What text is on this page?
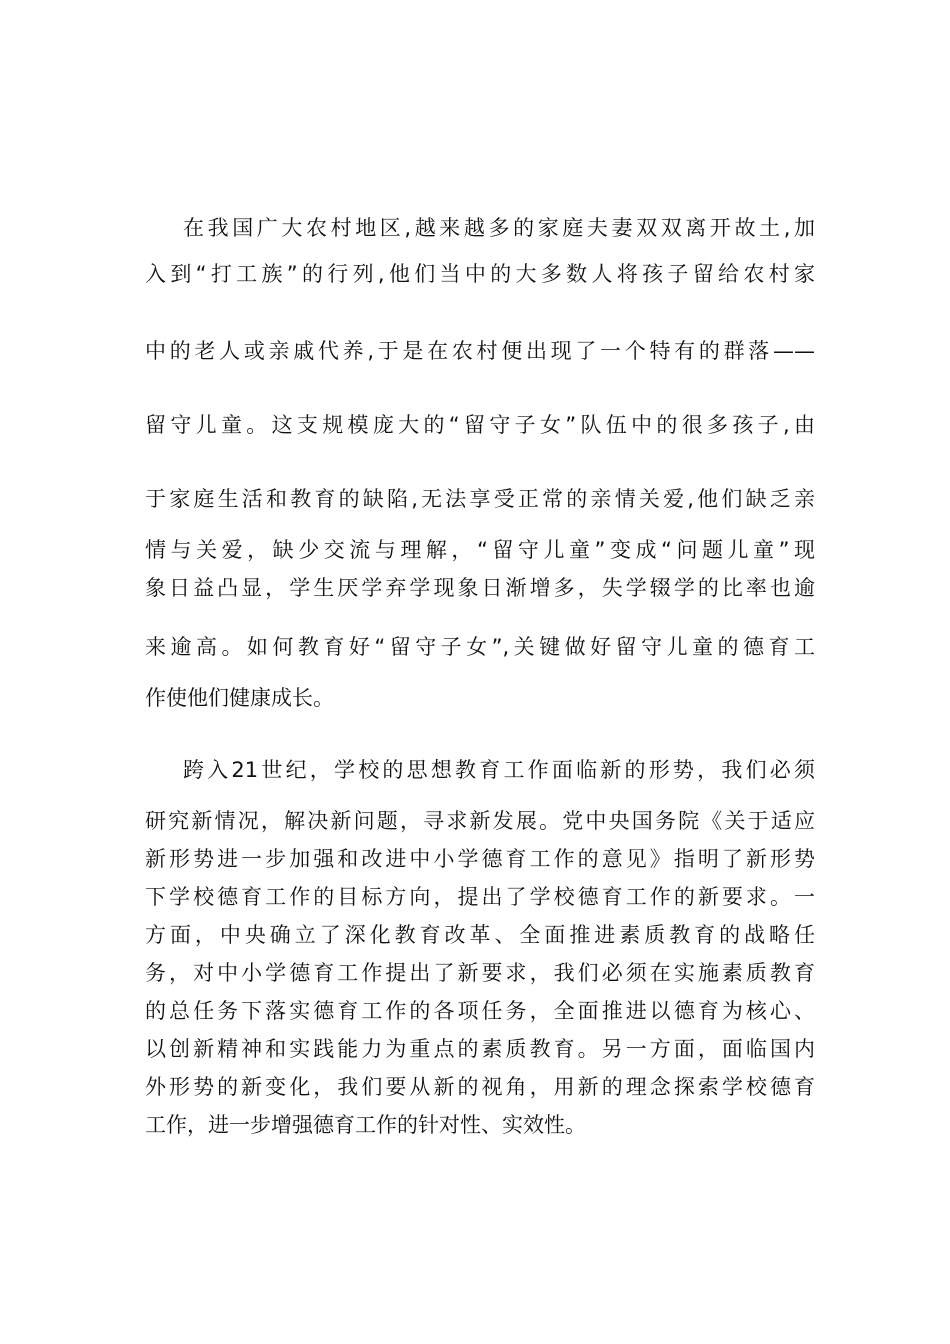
在我国广大农村地区,越来越多的家庭夫妻双双离开故土,加
入到“打工族”的行列,他们当中的大多数人将孩子留给农村家
中的老人或亲戚代养,于是在农村便出现了一个特有的群落——
留守儿童。这支规模庞大的“留守子女”队伍中的很多孩子,由
于家庭生活和教育的缺陷,无法享受正常的亲情关爱,他们缺乏亲
情与关爱，缺少交流与理解，“留守儿童”变成“问题儿童”现
象日益凸显，学生厌学弃学现象日渐增多，失学辍学的比率也逾
来逾高。如何教育好“留守子女”,关键做好留守儿童的德育工
作使他们健康成长。
跨入21世纪，学校的思想教育工作面临新的形势，我们必须
研究新情况，解决新问题，寻求新发展。党中央国务院《关于适应
新形势进一步加强和改进中小学德育工作的意见》指明了新形势
下学校德育工作的目标方向，提出了学校德育工作的新要求。一
方面，中央确立了深化教育改革、全面推进素质教育的战略任
务，对中小学德育工作提出了新要求，我们必须在实施素质教育
的总任务下落实德育工作的各项任务，全面推进以德育为核心、
以创新精神和实践能力为重点的素质教育。另一方面，面临国内
外形势的新变化，我们要从新的视角，用新的理念探索学校德育
工作，进一步增强德育工作的针对性、实效性。
